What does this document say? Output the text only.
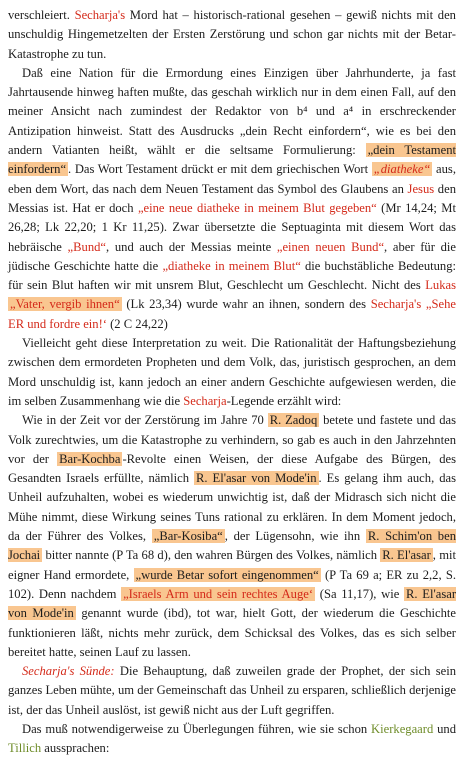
verschleiert. Secharja's Mord hat – historisch-rational gesehen – gewiß nichts mit den unschuldig Hingemetzelten der Ersten Zerstörung und schon gar nichts mit der Betar-Katastrophe zu tun.

Daß eine Nation für die Ermordung eines Einzigen über Jahrhunderte, ja fast Jahrtausende hinweg haften mußte, das geschah wirklich nur in dem einen Fall, auf den meiner Ansicht nach zumindest der Redaktor von b⁴ und a⁴ in erschreckender Antizipation hinweist. Statt des Ausdrucks „dein Recht einfordern“, wie es bei den andern Vatianten heißt, wählt er die seltsame Formulierung: „dein Testament einfordern“ . Das Wort Testament drückt er mit dem griechischen Wort „diatheke“ aus, eben dem Wort, das nach dem Neuen Testament das Symbol des Glaubens an Jesus den Messias ist. Hat er doch „eine neue diatheke in meinem Blut gegeben“ (Mr 14,24; Mt 26,28; Lk 22,20; 1 Kr 11,25). Zwar übersetzte die Septuaginta mit diesem Wort das hebräische „Bund“, und auch der Messias meinte „einen neuen Bund“, aber für die jüdische Geschichte hatte die „diatheke in meinem Blut“ die buchstäbliche Bedeutung: für sein Blut haften wir mit unsrem Blut, Geschlecht um Geschlecht. Nicht des Lukas „Vater, vergib ihnen“ (Lk 23,34) wurde wahr an ihnen, sondern des Secharja's „Sehe ER und fordre ein!‘ (2 C 24,22)

Vielleicht geht diese Interpretation zu weit. Die Rationalität der Haftungsbeziehung zwischen dem ermordeten Propheten und dem Volk, das, juristisch gesprochen, an dem Mord unschuldig ist, kann jedoch an einer andern Geschichte aufgewiesen werden, die im selben Zusammenhang wie die Secharja-Legende erzählt wird:

Wie in der Zeit vor der Zerstörung im Jahre 70 R. Zadoq betete und fastete und das Volk zurechtwies, um die Katastrophe zu verhindern, so gab es auch in den Jahrzehnten vor der Bar-Kochba -Revolte einen Weisen, der diese Aufgabe des Bürgen, des Gesandten Israels erfüllte, nämlich R. El'asar von Mode'in . Es gelang ihm auch, das Unheil aufzuhalten, wobei es wiederum unwichtig ist, daß der Midrasch sich nicht die Mühe nimmt, diese Wirkung seines Tuns rational zu erklären. In dem Moment jedoch, da der Führer des Volkes, „Bar-Kosiba“ , der Lügensohn, wie ihn R. Schim'on ben Jochai bitter nannte (P Ta 68 d), den wahren Bürgen des Volkes, nämlich R. El'asar , mit eigner Hand ermordete, „wurde Betar sofort eingenommen“ (P Ta 69 a; ER zu 2,2, S. 102). Denn nachdem „Israels Arm und sein rechtes Auge‘ (Sa 11,17), wie R. El'asar von Mode'in genannt wurde (ibd), tot war, hielt Gott, der wiederum die Geschichte funktionieren läßt, nichts mehr zurück, dem Schicksal des Volkes, das es sich selber bereitet hatte, seinen Lauf zu lassen.

Secharja's Sünde: Die Behauptung, daß zuweilen grade der Prophet, der sich sein ganzes Leben mühte, um der Gemeinschaft das Unheil zu ersparen, schließlich derjenige ist, der das Unheil auslöst, ist gewiß nicht aus der Luft gegriffen.

Das muß notwendigerweise zu Überlegungen führen, wie sie schon Kierkegaard und Tillich aussprachen:
